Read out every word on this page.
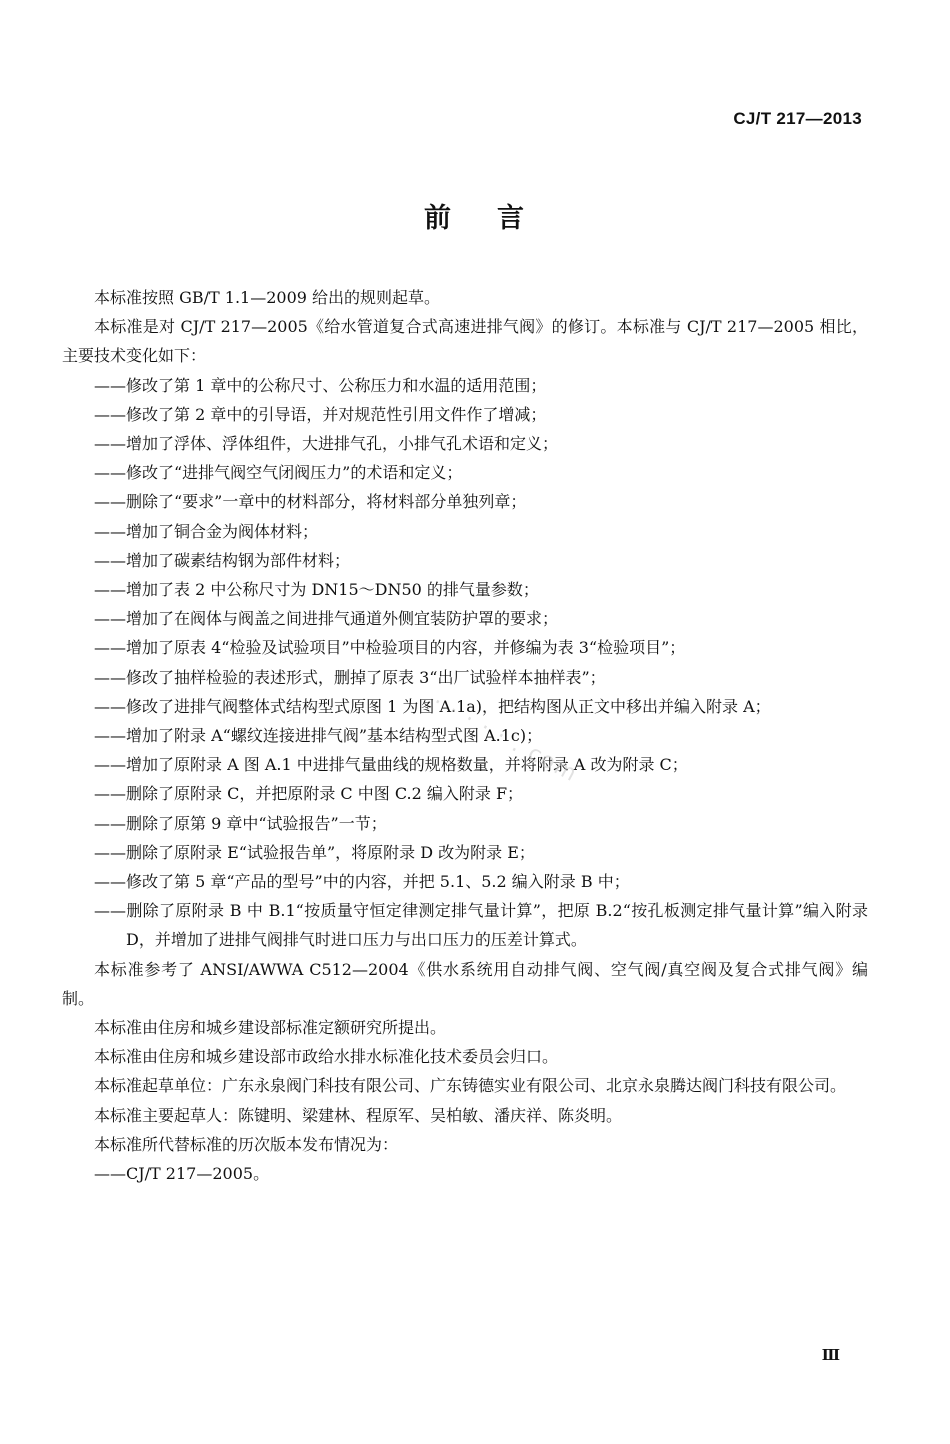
CJ/T 217—2013
前 言

本标准按照 GB/T 1.1—2009 给出的规则起草。

本标准是对 CJ/T 217—2005《给水管道复合式高速进排气阀》的修订。本标准与 CJ/T 217—2005 相比，主要技术变化如下：

——修改了第 1 章中的公称尺寸、公称压力和水温的适用范围；

——修改了第 2 章中的引导语，并对规范性引用文件作了增减；

——增加了浮体、浮体组件，大进排气孔，小排气孔术语和定义；

——修改了“进排气阀空气闭阀压力”的术语和定义；

——删除了“要求”一章中的材料部分，将材料部分单独列章；

——增加了铜合金为阀体材料；

——增加了碳素结构钢为部件材料；

——增加了表 2 中公称尺寸为 DN15～DN50 的排气量参数；

——增加了在阀体与阀盖之间进排气通道外侧宜装防护罩的要求；

——增加了原表 4“检验及试验项目”中检验项目的内容，并修编为表 3“检验项目”；

——修改了抽样检验的表述形式，删掉了原表 3“出厂试验样本抽样表”；

——修改了进排气阀整体式结构型式原图 1 为图 A.1a)，把结构图从正文中移出并编入附录 A；

——增加了附录 A“螺纹连接进排气阀”基本结构型式图 A.1c)；

——增加了原附录 A 图 A.1 中进排气量曲线的规格数量，并将附录 A 改为附录 C；

——删除了原附录 C，并把原附录 C 中图 C.2 编入附录 F；

——删除了原第 9 章中“试验报告”一节；

——删除了原附录 E“试验报告单”，将原附录 D 改为附录 E；

——修改了第 5 章“产品的型号”中的内容，并把 5.1、5.2 编入附录 B 中；

——删除了原附录 B 中 B.1“按质量守恒定律测定排气量计算”，把原 B.2“按孔板测定排气量计算”编入附录 D，并增加了进排气阀排气时进口压力与出口压力的压差计算式。

本标准参考了 ANSI/AWWA C512—2004《供水系统用自动排气阀、空气阀/真空阀及复合式排气阀》编制。

本标准由住房和城乡建设部标准定额研究所提出。

本标准由住房和城乡建设部市政给水排水标准化技术委员会归口。

本标准起草单位：广东永泉阀门科技有限公司、广东铸德实业有限公司、北京永泉腾达阀门科技有限公司。

本标准主要起草人：陈键明、梁建林、程原军、吴柏敏、潘庆祥、陈炎明。

本标准所代替标准的历次版本发布情况为：

——CJ/T 217—2005。

· · · · · . com
Ⅲ
